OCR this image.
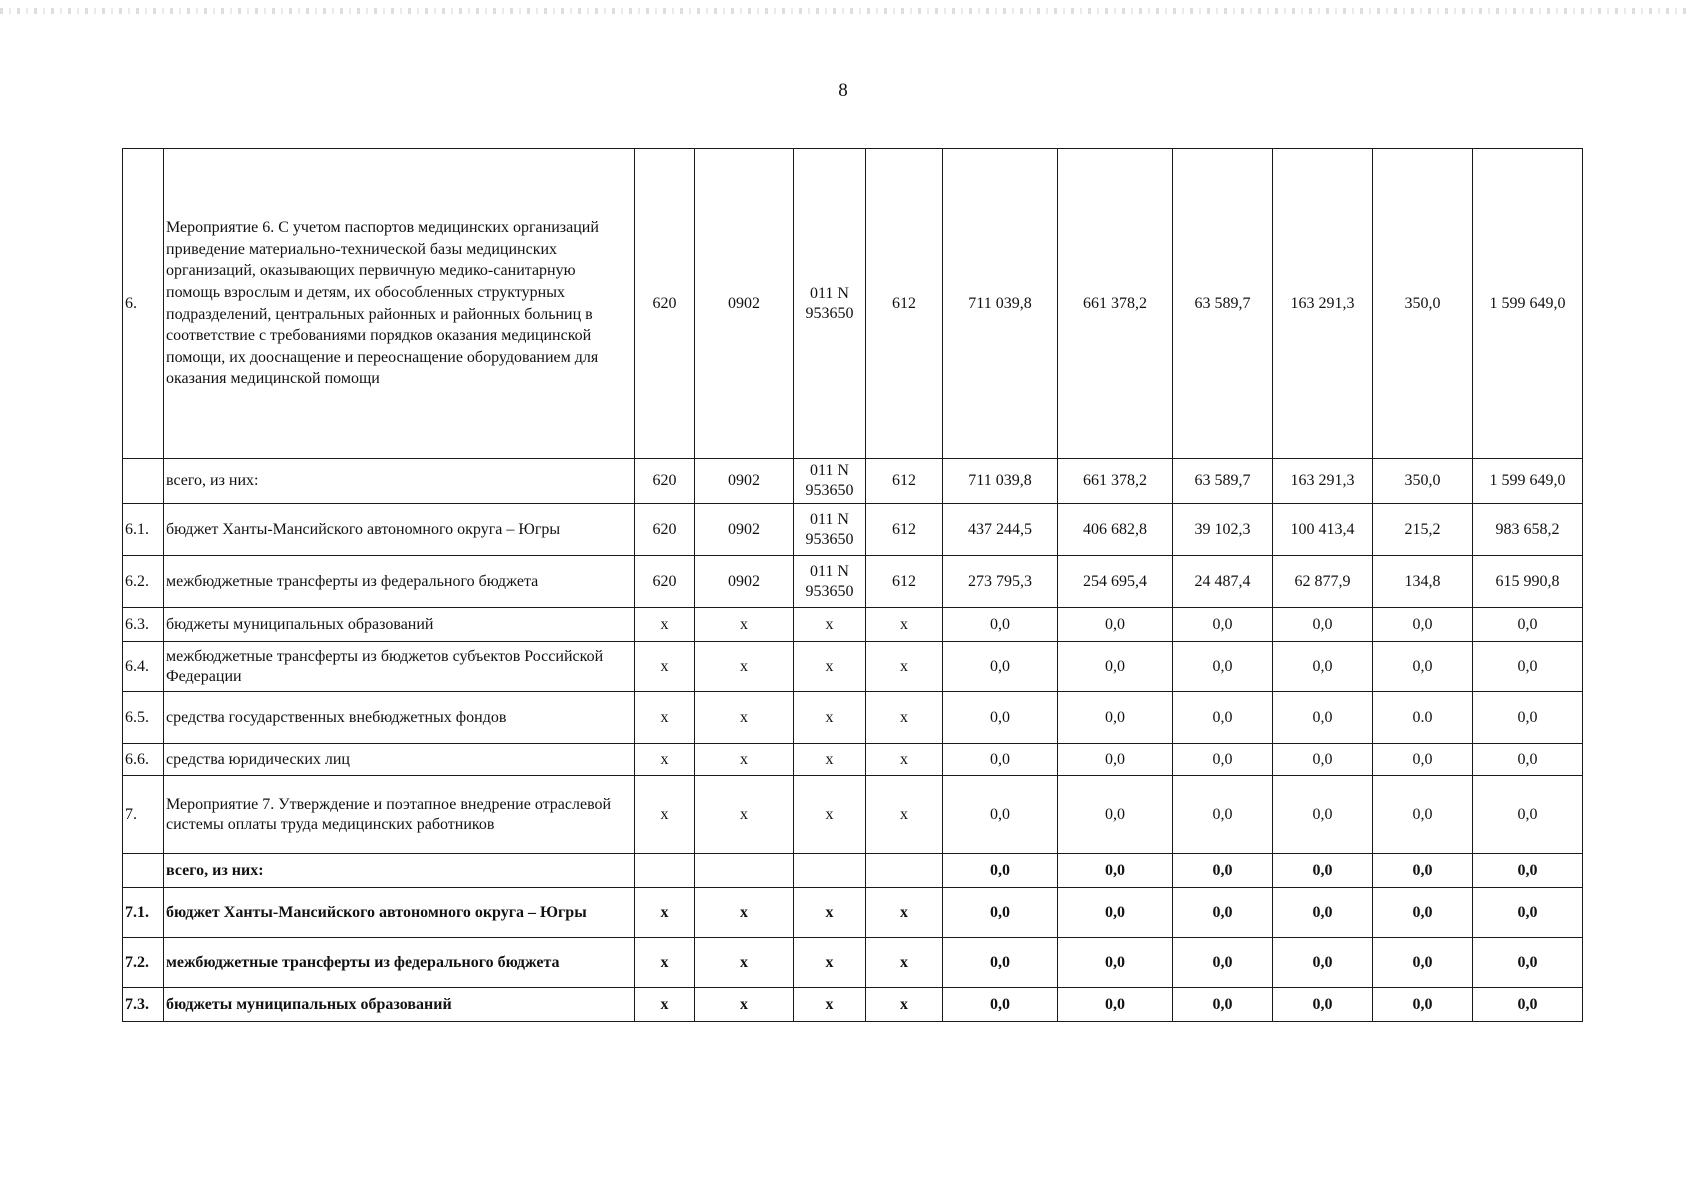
8
6.	Мероприятие 6. С учетом паспортов медицинских организаций приведение материально-технической базы медицинских организаций, оказывающих первичную медико-санитарную помощь взрослым и детям, их обособленных структурных подразделений, центральных районных и районных больниц в соответствие с требованиями порядков оказания медицинской помощи, их дооснащение и переоснащение оборудованием для оказания медицинской помощи	620	0902	011 N
953650	612	711 039,8	661 378,2	63 589,7	163 291,3	350,0	1 599 649,0
	всего, из них:	620	0902	011 N
953650	612	711 039,8	661 378,2	63 589,7	163 291,3	350,0	1 599 649,0
6.1.	бюджет Ханты-Мансийского автономного округа – Югры	620	0902	011 N
953650	612	437 244,5	406 682,8	39 102,3	100 413,4	215,2	983 658,2
6.2.	межбюджетные трансферты из федерального бюджета	620	0902	011 N
953650	612	273 795,3	254 695,4	24 487,4	62 877,9	134,8	615 990,8
6.3.	бюджеты муниципальных образований	x	x	x	x	0,0	0,0	0,0	0,0	0,0	0,0
6.4.	межбюджетные трансферты из бюджетов субъектов Российской Федерации	x	x	x	x	0,0	0,0	0,0	0,0	0,0	0,0
6.5.	средства государственных внебюджетных фондов	x	x	x	x	0,0	0,0	0,0	0,0	0.0	0,0
6.6.	средства юридических лиц	x	x	x	x	0,0	0,0	0,0	0,0	0,0	0,0
7.	Мероприятие 7. Утверждение и поэтапное внедрение отраслевой системы оплаты труда медицинских работников	x	x	x	x	0,0	0,0	0,0	0,0	0,0	0,0
	всего, из них:					0,0	0,0	0,0	0,0	0,0	0,0
7.1.	бюджет Ханты-Мансийского автономного округа – Югры	x	x	x	x	0,0	0,0	0,0	0,0	0,0	0,0
7.2.	межбюджетные трансферты из федерального бюджета	x	x	x	x	0,0	0,0	0,0	0,0	0,0	0,0
7.3.	бюджеты муниципальных образований	x	x	x	x	0,0	0,0	0,0	0,0	0,0	0,0
